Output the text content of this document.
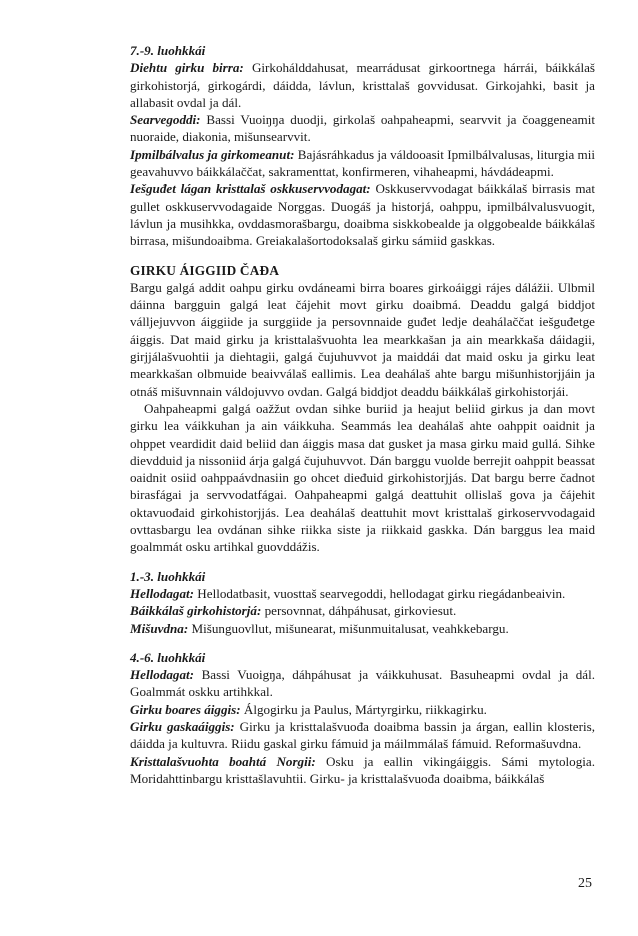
7.-9. luohkkái

Diehtu girku birra: Girkohálddahusat, mearrádusat girkoortnega hárrái, báikkálaš girkohistorjá, girkogárdi, dáidda, lávlun, kristtalaš govvidusat. Girkojahki, basit ja allabasit ovdal ja dál.

Searvegoddi: Bassi Vuoiŋŋa duodji, girkolaš oahpaheapmi, searvvit ja čoaggeneamit nuoraide, diakonia, mišunsearvvit.

Ipmilbálvalus ja girkomeanut: Bajásráhkadus ja váldooasit Ipmilbálvalusas, liturgia mii geavahuvvo báikkálaččat, sakramenttat, konfirmeren, vihaheapmi, hávdádeapmi.

Iešguđet lágan kristtalaš oskkuservvodagat: Oskkuservvodagat báikkálaš birrasis mat gullet oskkuservvodagaide Norggas. Duogáš ja historjá, oahppu, ipmilbálvalusvuogit, lávlun ja musihkka, ovddasmorašbargu, doaibma siskkobealde ja olggobealde báikkálaš birrasa, mišundoaibma. Greiakalašortodoksalaš girku sámiid gaskkas.

GIRKU ÁIGGIID ČAĐA

Bargu galgá addit oahpu girku ovdáneami birra boares girkoáiggi rájes dálážii. Ulbmil dáinna bargguin galgá leat čájehit movt girku doaibmá. Deaddu galgá biddjot válljejuvvon áiggiide ja surggiide ja persovnnaide guđet ledje deahálaččat iešguđetge áiggis. Dat maid girku ja kristtalašvuohta lea mearkkašan ja ain mearkkaša dáidagii, girjjálašvuohtii ja diehtagii, galgá čujuhuvvot ja maiddái dat maid osku ja girku leat mearkkašan olbmuide beaivválaš eallimis. Lea deahálaš ahte bargu mišunhistorjjáin ja otnáš mišuvnnain váldojuvvo ovdan. Galgá biddjot deaddu báikkálaš girkohistorjái.

Oahpaheapmi galgá oažžut ovdan sihke buriid ja heajut beliid girkus ja dan movt girku lea váikkuhan ja ain váikkuha. Seammás lea deahálaš ahte oahppit oaidnit ja ohppet veardidit daid beliid dan áiggis masa dat gusket ja masa girku maid gullá. Sihke dievdduid ja nissoniid árja galgá čujuhuvvot. Dán barggu vuolde berrejit oahppit beassat oaidnit osiid oahppaávdnasiin go ohcet dieđuid girkohistorjjás. Dat bargu berre čadnot birasfágai ja servvodatfágai. Oahpaheapmi galgá deattuhit ollislaš gova ja čájehit oktavuođaid girkohistorjjás. Lea deahálaš deattuhit movt kristtalaš girkoservvodagaid ovttasbargu lea ovdánan sihke riikka siste ja riikkaid gaskka. Dán barggus lea maid goalmmát osku artihkal guovddážis.

1.-3. luohkkái

Hellodagat: Hellodatbasit, vuosttaš searvegoddi, hellodagat girku riegádanbeaivin.

Báikkálaš girkohistorjá: persovnnat, dáhpáhusat, girkoviesut.

Mišuvdna: Mišunguovllut, mišunearat, mišunmuitalusat, veahkkebargu.

4.-6. luohkkái

Hellodagat: Bassi Vuoigŋa, dáhpáhusat ja váikkuhusat. Basuheapmi ovdal ja dál. Goalmmát oskku artihkkal.

Girku boares áiggis: Álgogirku ja Paulus, Mártyrgirku, riikkagirku.

Girku gaskaáiggis: Girku ja kristtalašvuođa doaibma bassin ja árgan, eallin klosteris, dáidda ja kultuvra. Riidu gaskal girku fámuid ja máilmmálaš fámuid. Reformašuvdna.

Kristtalašvuohta boahtá Norgii: Osku ja eallin vikingáiggis. Sámi mytologia. Moridahttinbargu kristtašlavuhtii. Girku- ja kristtalašvuođa doaibma, báikkálaš

25
